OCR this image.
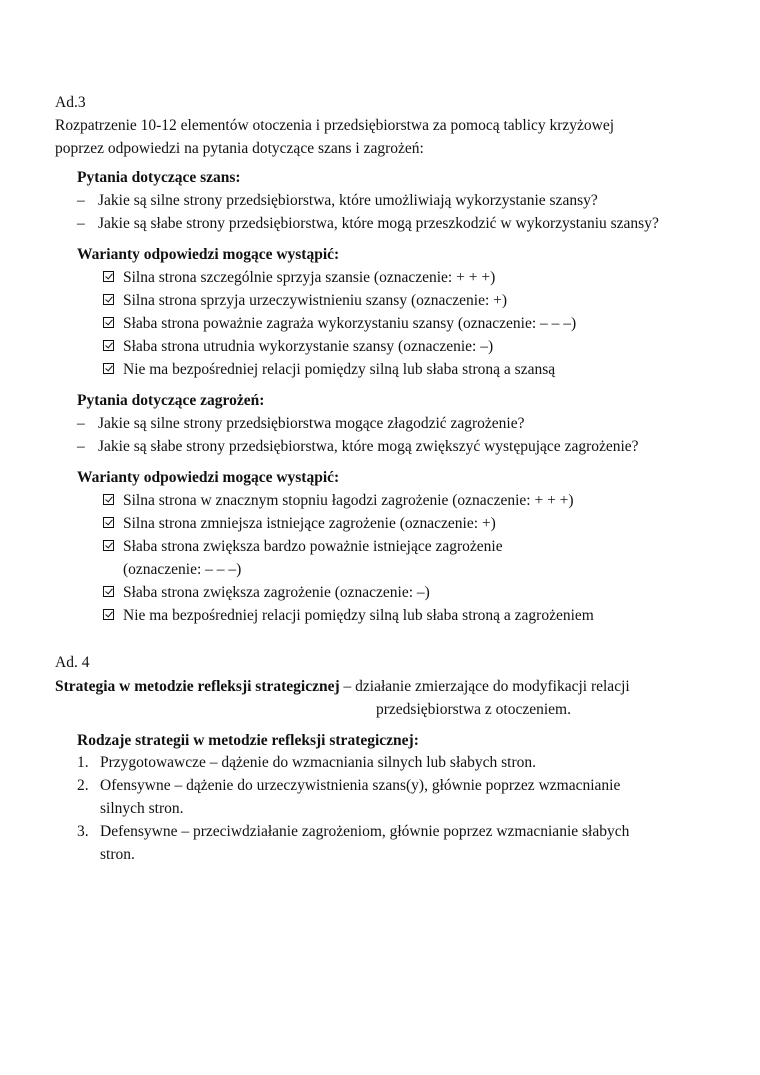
Ad.3
Rozpatrzenie 10-12 elementów otoczenia i przedsiębiorstwa za pomocą tablicy krzyżowej
poprzez odpowiedzi na pytania dotyczące szans i zagrożeń:
Pytania dotyczące szans:
– Jakie są silne strony przedsiębiorstwa, które umożliwiają wykorzystanie szansy?
– Jakie są słabe strony przedsiębiorstwa, które mogą przeszkodzić w wykorzystaniu szansy?
Warianty odpowiedzi mogące wystąpić:
Silna strona szczególnie sprzyja szansie (oznaczenie: + + +)
Silna strona sprzyja urzeczywistnieniu szansy (oznaczenie: +)
Słaba strona poważnie zagraża wykorzystaniu szansy (oznaczenie: – – –)
Słaba strona utrudnia wykorzystanie szansy (oznaczenie: –)
Nie ma bezpośredniej relacji pomiędzy silną lub słaba stroną a szansą
Pytania dotyczące zagrożeń:
– Jakie są silne strony przedsiębiorstwa mogące złagodzić zagrożenie?
– Jakie są słabe strony przedsiębiorstwa, które mogą zwiększyć występujące zagrożenie?
Warianty odpowiedzi mogące wystąpić:
Silna strona w znacznym stopniu łagodzi zagrożenie (oznaczenie: + + +)
Silna strona zmniejsza istniejące zagrożenie (oznaczenie: +)
Słaba strona zwiększa bardzo poważnie istniejące zagrożenie
(oznaczenie: – – –)
Słaba strona zwiększa zagrożenie (oznaczenie: –)
Nie ma bezpośredniej relacji pomiędzy silną lub słaba stroną a zagrożeniem
Ad. 4
Strategia w metodzie refleksji strategicznej – działanie zmierzające do modyfikacji relacji
przedsiębiorstwa z otoczeniem.
Rodzaje strategii w metodzie refleksji strategicznej:
1. Przygotowawcze – dążenie do wzmacniania silnych lub słabych stron.
2. Ofensywne – dążenie do urzeczywistnienia szans(y), głównie poprzez wzmacnianie
silnych stron.
3. Defensywne – przeciwdziałanie zagrożeniom, głównie poprzez wzmacnianie słabych
stron.
